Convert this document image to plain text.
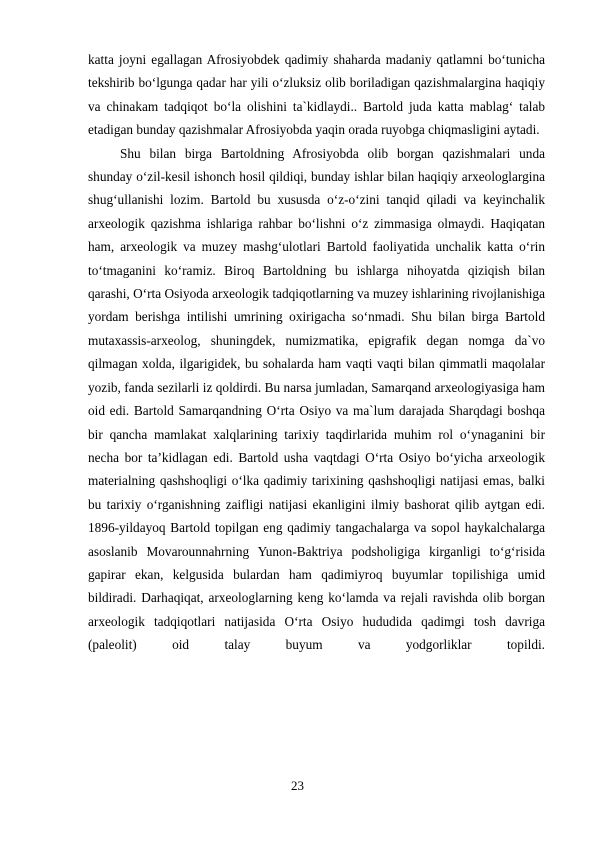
katta joyni egallagan Afrosiyobdek qadimiy shaharda madaniy qatlamni bo‘tunicha tekshirib bo‘lgunga qadar har yili o‘zluksiz olib boriladigan qazishmalargina haqiqiy va chinakam tadqiqot bo‘la olishini ta`kidlaydi.. Bartold juda katta mablag‘ talab etadigan bunday qazishmalar Afrosiyobda yaqin orada ruyobga chiqmasligini aytadi.

Shu bilan birga Bartoldning Afrosiyobda olib borgan qazishmalari unda shunday o‘zil-kesil ishonch hosil qildiqi, bunday ishlar bilan haqiqiy arxeologlargina shug‘ullanishi lozim. Bartold bu xususda o‘z-o‘zini tanqid qiladi va keyinchalik arxeologik qazishma ishlariga rahbar bo‘lishni o‘z zimmasiga olmaydi. Haqiqatan ham, arxeologik va muzey mashg‘ulotlari Bartold faoliyatida unchalik katta o‘rin to‘tmaganini ko‘ramiz. Biroq Bartoldning bu ishlarga nihoyatda qiziqish bilan qarashi, O‘rta Osiyoda arxeologik tadqiqotlarning va muzey ishlarining rivojlanishiga yordam berishga intilishi umrining oxirigacha so‘nmadi. Shu bilan birga Bartold mutaxassis-arxeolog, shuningdek, numizmatika, epigrafik degan nomga da`vo qilmagan xolda, ilgarigidek, bu sohalarda ham vaqti vaqti bilan qimmatli maqolalar yozib, fanda sezilarli iz qoldirdi. Bu narsa jumladan, Samarqand arxeologiyasiga ham oid edi. Bartold Samarqandning O‘rta Osiyo va ma`lum darajada Sharqdagi boshqa bir qancha mamlakat xalqlarining tarixiy taqdirlarida muhim rol o‘ynaganini bir necha bor ta’kidlagan edi. Bartold usha vaqtdagi O‘rta Osiyo bo‘yicha arxeologik materialning qashshoqligi o‘lka qadimiy tarixining qashshoqligi natijasi emas, balki bu tarixiy o‘rganishning zaifligi natijasi ekanligini ilmiy bashorat qilib aytgan edi. 1896-yildayoq Bartold topilgan eng qadimiy tangachalarga va sopol haykalchalarga asoslanib Movarounnahrning Yunon-Baktriya podsholigiga kirganligi to‘g‘risida gapirar ekan, kelgusida bulardan ham qadimiyroq buyumlar topilishiga umid bildiradi. Darhaqiqat, arxeologlarning keng ko‘lamda va rejali ravishda olib borgan arxeologik tadqiqotlari natijasida O‘rta Osiyo hududida qadimgi tosh davriga (paleolit) oid talay buyum va yodgorliklar topildi.

23
